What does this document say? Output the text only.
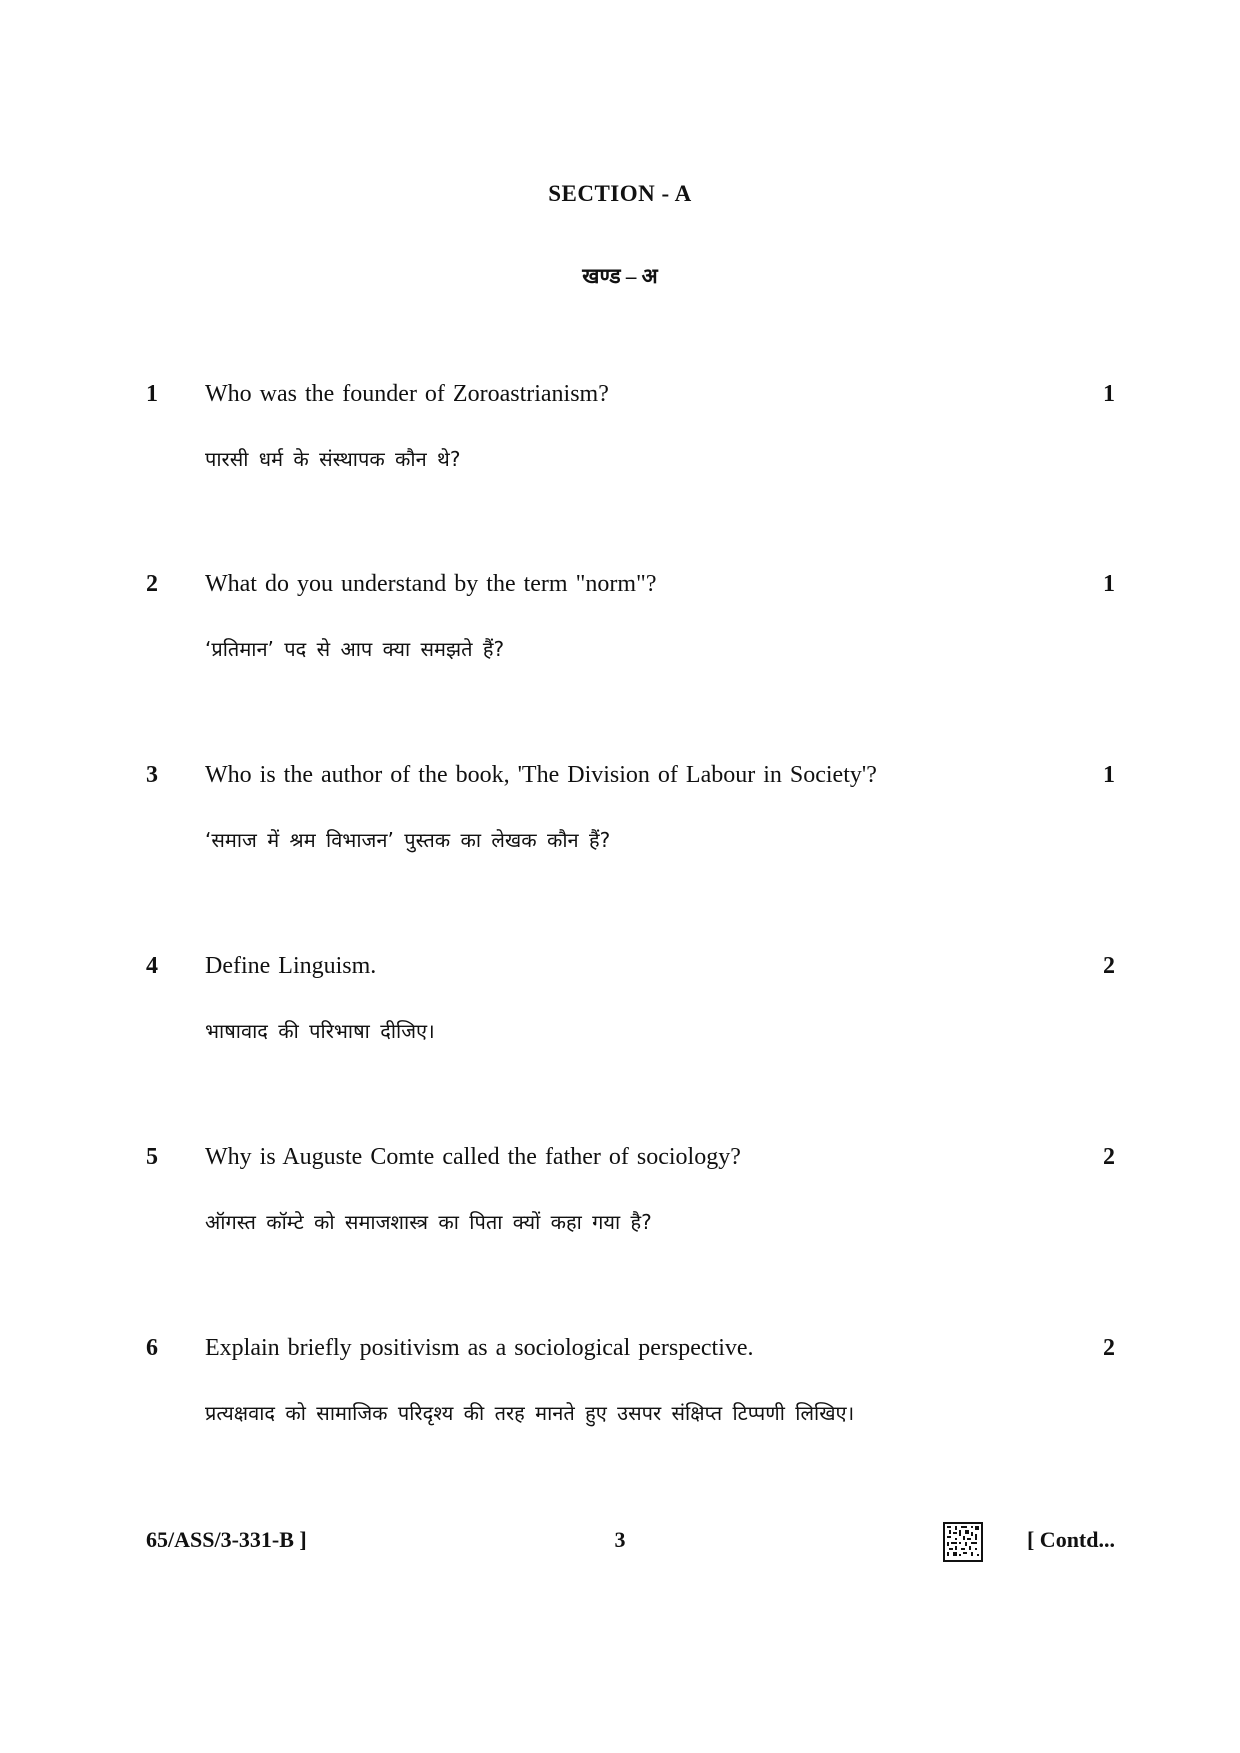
SECTION - A
खण्ड – अ
1 Who was the founder of Zoroastrianism?
पारसी धर्म के संस्थापक कौन थे?
1
2 What do you understand by the term "norm"?
‘प्रतिमान’ पद से आप क्या समझते हैं?
1
3 Who is the author of the book, 'The Division of Labour in Society'?
‘समाज में श्रम विभाजन’ पुस्तक का लेखक कौन हैं?
1
4 Define Linguism.
भाषावाद की परिभाषा दीजिए।
2
5 Why is Auguste Comte called the father of sociology?
ऑगस्त कॉम्टे को समाजशास्त्र का पिता क्यों कहा गया है?
2
6 Explain briefly positivism as a sociological perspective.
प्रत्यक्षवाद को सामाजिक परिदृश्य की तरह मानते हुए उसपर संक्षिप्त टिप्पणी लिखिए।
2
65/ASS/3-331-B ]	3	[ Contd...
